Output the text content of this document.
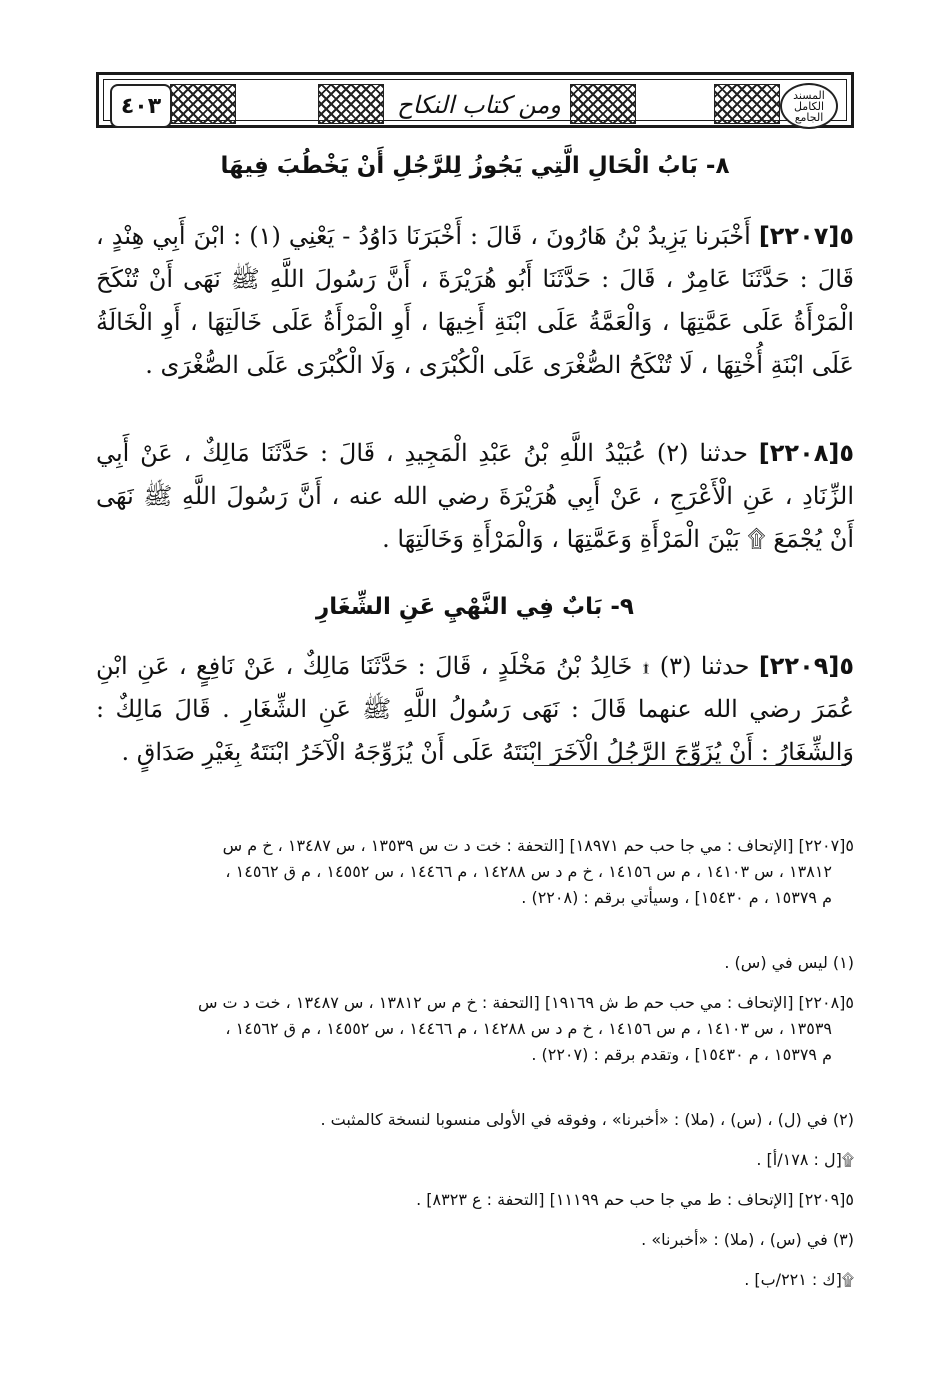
المسند الكامل الجامع
ومن كتاب النكاح
٤٠٣
٨- بَابُ الْحَالِ الَّتِي يَجُوزُ لِلرَّجُلِ أَنْ يَخْطُبَ فِيهَا
٥[٢٢٠٧] أَخْبَرنا يَزِيدُ بْنُ هَارُونَ ، قَالَ : أَخْبَرَنَا دَاوُدُ - يَعْنِي (١) : ابْنَ أَبِي هِنْدٍ ، قَالَ : حَدَّثَنَا عَامِرٌ ، قَالَ : حَدَّثَنَا أَبُو هُرَيْرَةَ ، أَنَّ رَسُولَ اللَّهِ ﷺ نَهَى أَنْ تُنْكَحَ الْمَرْأَةُ عَلَى عَمَّتِهَا ، وَالْعَمَّةُ عَلَى ابْنَةِ أَخِيهَا ، أَوِ الْمَرْأَةُ عَلَى خَالَتِهَا ، أَوِ الْخَالَةُ عَلَى ابْنَةِ أُخْتِهَا ، لَا تُنْكَحُ الصُّغْرَى عَلَى الْكُبْرَى ، وَلَا الْكُبْرَى عَلَى الصُّغْرَى .
٥[٢٢٠٨] حدثنا (٢) عُبَيْدُ اللَّهِ بْنُ عَبْدِ الْمَجِيدِ ، قَالَ : حَدَّثَنَا مَالِكٌ ، عَنْ أَبِي الزِّنَادِ ، عَنِ الْأَعْرَجِ ، عَنْ أَبِي هُرَيْرَةَ رضي الله عنه ، أَنَّ رَسُولَ اللَّهِ ﷺ نَهَى أَنْ يُجْمَعَ ۩ بَيْنَ الْمَرْأَةِ وَعَمَّتِهَا ، وَالْمَرْأَةِ وَخَالَتِهَا .
٩- بَابٌ فِي النَّهْيِ عَنِ الشِّغَارِ
٥[٢٢٠٩] حدثنا (٣) ۩ خَالِدُ بْنُ مَخْلَدٍ ، قَالَ : حَدَّثَنَا مَالِكٌ ، عَنْ نَافِعٍ ، عَنِ ابْنِ عُمَرَ رضي الله عنهما قَالَ : نَهَى رَسُولُ اللَّهِ ﷺ عَنِ الشِّغَارِ . قَالَ مَالِكٌ : وَالشِّغَارُ : أَنْ يُزَوِّجَ الرَّجُلُ الْآخَرَ ابْنَتَهُ عَلَى أَنْ يُزَوِّجَهُ الْآخَرُ ابْنَتَهُ بِغَيْرِ صَدَاقٍ .
٥[٢٢٠٧] [الإتحاف : مي جا حب حم ١٨٩٧١] [التحفة : خت د ت س ١٣٥٣٩ ، س ١٣٤٨٧ ، خ م س
١٣٨١٢ ، س ١٤١٠٣ ، م س ١٤١٥٦ ، خ م د س ١٤٢٨٨ ، م ١٤٤٦٦ ، س ١٤٥٥٢ ، م ق ١٤٥٦٢ ،
م ١٥٣٧٩ ، م ١٥٤٣٠] ، وسيأتي برقم : (٢٢٠٨) .
(١) ليس في (س) .
٥[٢٢٠٨] [الإتحاف : مي حب حم ط ش ١٩١٦٩] [التحفة : خ م س ١٣٨١٢ ، س ١٣٤٨٧ ، خت د ت س
١٣٥٣٩ ، س ١٤١٠٣ ، م س ١٤١٥٦ ، خ م د س ١٤٢٨٨ ، م ١٤٤٦٦ ، س ١٤٥٥٢ ، م ق ١٤٥٦٢ ،
م ١٥٣٧٩ ، م ١٥٤٣٠] ، وتقدم برقم : (٢٢٠٧) .
(٢) في (ل) ، (س) ، (ملا) : «أخبرنا» ، وفوقه في الأولى منسوبا لنسخة كالمثبت .
۩[ل : ١٧٨/أ] .
٥[٢٢٠٩] [الإتحاف : ط مي جا حب حم ١١١٩٩] [التحفة : ع ٨٣٢٣] .
(٣) في (س) ، (ملا) : «أخبرنا» .
۩[ك : ٢٢١/ب] .
